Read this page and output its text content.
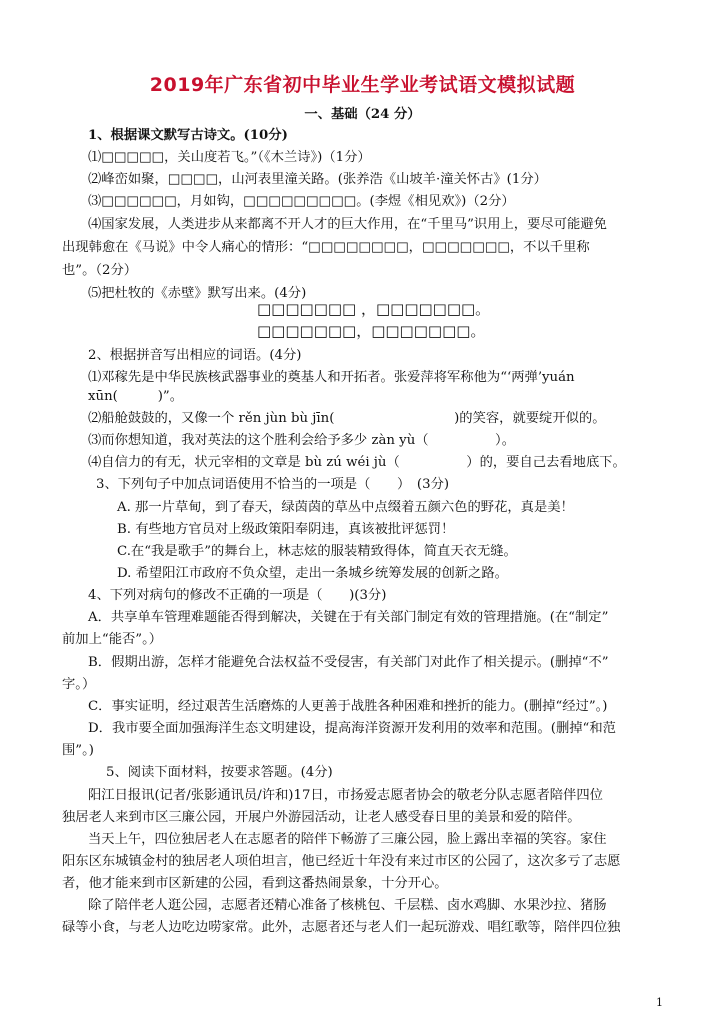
2019年广东省初中毕业生学业考试语文模拟试题
一、基础（24 分）
1、根据课文默写古诗文。(10分)
⑴□□□□□，关山度若飞。”（《木兰诗》)（1分）
⑵峰峦如聚，□□□□，山河表里潼关路。(张养浩《山坡羊·潼关怀古》(1分）
⑶□□□□□□，月如钩，□□□□□□□□□。(李煜《相见欢》)（2分）
⑷国家发展，人类进步从来都离不开人才的巨大作用，在“千里马”识用上，要尽可能避免
出现韩愈在《马说》中令人痛心的情形：“□□□□□□□□，□□□□□□□，不以千里称
也”。（2分）
⑸把杜牧的《赤壁》默写出来。(4分)
□□□□□□□ ，□□□□□□□。
□□□□□□□，□□□□□□□。
2、根据拼音写出相应的词语。(4分)
⑴邓稼先是中华民族核武器事业的奠基人和开拓者。张爱萍将军称他为“‘两弹’yuán
xūn(　　　)”。
⑵船舱鼓鼓的，又像一个 rěn jùn bù jīn(　　　　　　　　　)的笑容，就要绽开似的。
⑶而你想知道，我对英法的这个胜利会给予多少 zàn yù（　　　　　）。
⑷自信力的有无，状元宰相的文章是 bù zú wéi jù（　　　　　）的，要自己去看地底下。
3、下列句子中加点词语使用不恰当的一项是（　　）　(3分)
A. 那一片草甸，到了春天，绿茵茵的草丛中点缀着五颜六色的野花，真是美！
B. 有些地方官员对上级政策阳奉阴违，真该被批评惩罚！
C.在“我是歌手”的舞台上，林志炫的服装精致得体，简直天衣无缝。
D. 希望阳江市政府不负众望，走出一条城乡统筹发展的创新之路。
4、下列对病句的修改不正确的一项是（　　)(3分)
A．共享单车管理难题能否得到解决，关键在于有关部门制定有效的管理措施。(在“制定”
前加上“能否”。）
B．假期出游，怎样才能避免合法权益不受侵害，有关部门对此作了相关提示。(删掉“不”
字。）
C．事实证明，经过艰苦生活磨炼的人更善于战胜各种困难和挫折的能力。(删掉“经过”。)
D．我市要全面加强海洋生态文明建设，提高海洋资源开发利用的效率和范围。(删掉“和范
围”。)
5、阅读下面材料，按要求答题。(4分)
阳江日报讯(记者/张影通讯员/许和)17日，市扬爱志愿者协会的敬老分队志愿者陪伴四位
独居老人来到市区三廉公园，开展户外游园活动，让老人感受春日里的美景和爱的陪伴。
当天上午，四位独居老人在志愿者的陪伴下畅游了三廉公园，脸上露出幸福的笑容。家住
阳东区东城镇金村的独居老人项伯坦言，他已经近十年没有来过市区的公园了，这次多亏了志愿
者，他才能来到市区新建的公园，看到这番热闹景象，十分开心。
除了陪伴老人逛公园，志愿者还精心准备了核桃包、千层糕、卤水鸡脚、水果沙拉、猪肠
碌等小食，与老人边吃边唠家常。此外，志愿者还与老人们一起玩游戏、唱红歌等，陪伴四位独
1
